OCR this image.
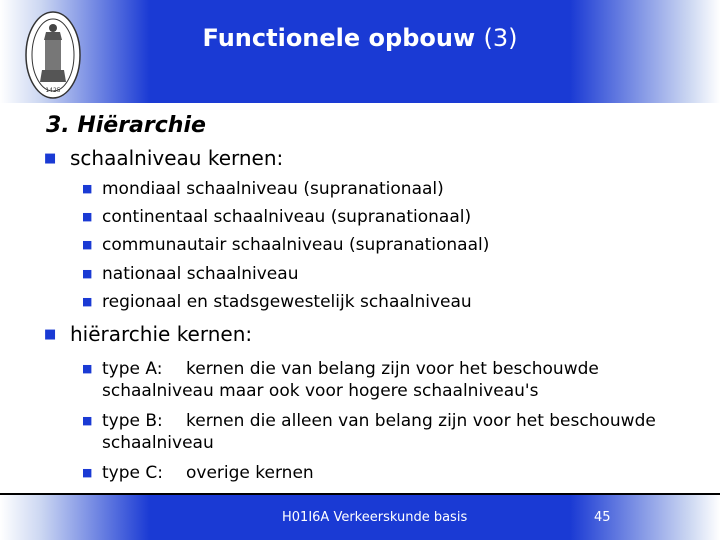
1425
Functionele opbouw (3)
3. Hiërarchie
■ schaalniveau kernen:
■ mondiaal schaalniveau (supranationaal)
■ continentaal schaalniveau (supranationaal)
■ communautair schaalniveau (supranationaal)
■ nationaal schaalniveau
■ regionaal en stadsgewestelijk schaalniveau
■ hiërarchie kernen:
■ type A: kernen die van belang zijn voor het beschouwde
schaalniveau maar ook voor hogere schaalniveau's
■ type B: kernen die alleen van belang zijn voor het beschouwde
schaalniveau
■ type C: overige kernen
H01I6A Verkeerskunde basis	45
